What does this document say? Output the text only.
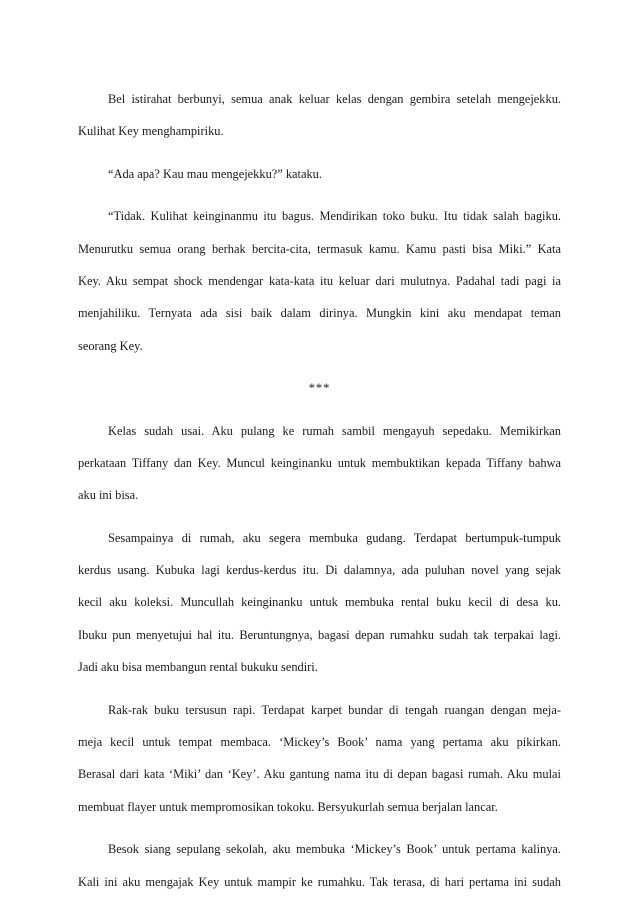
Bel istirahat berbunyi, semua anak keluar kelas dengan gembira setelah mengejekku.
Kulihat Key menghampiriku.
“Ada apa? Kau mau mengejekku?” kataku.
“Tidak. Kulihat keinginanmu itu bagus. Mendirikan toko buku. Itu tidak salah bagiku.
Menurutku semua orang berhak bercita-cita, termasuk kamu. Kamu pasti bisa Miki.” Kata
Key. Aku sempat shock mendengar kata-kata itu keluar dari mulutnya. Padahal tadi pagi ia
menjahiliku. Ternyata ada sisi baik dalam dirinya. Mungkin kini aku mendapat teman
seorang Key.
***
Kelas sudah usai. Aku pulang ke rumah sambil mengayuh sepedaku. Memikirkan
perkataan Tiffany dan Key. Muncul keinginanku untuk membuktikan kepada Tiffany bahwa
aku ini bisa.
Sesampainya di rumah, aku segera membuka gudang. Terdapat bertumpuk-tumpuk
kerdus usang. Kubuka lagi kerdus-kerdus itu. Di dalamnya, ada puluhan novel yang sejak
kecil aku koleksi. Muncullah keinginanku untuk membuka rental buku kecil di desa ku.
Ibuku pun menyetujui hal itu. Beruntungnya, bagasi depan rumahku sudah tak terpakai lagi.
Jadi aku bisa membangun rental bukuku sendiri.
Rak-rak buku tersusun rapi. Terdapat karpet bundar di tengah ruangan dengan meja-
meja kecil untuk tempat membaca. ‘Mickey’s Book’ nama yang pertama aku pikirkan.
Berasal dari kata ‘Miki’ dan ‘Key’. Aku gantung nama itu di depan bagasi rumah. Aku mulai
membuat flayer untuk mempromosikan tokoku. Bersyukurlah semua berjalan lancar.
Besok siang sepulang sekolah, aku membuka ‘Mickey’s Book’ untuk pertama kalinya.
Kali ini aku mengajak Key untuk mampir ke rumahku. Tak terasa, di hari pertama ini sudah
